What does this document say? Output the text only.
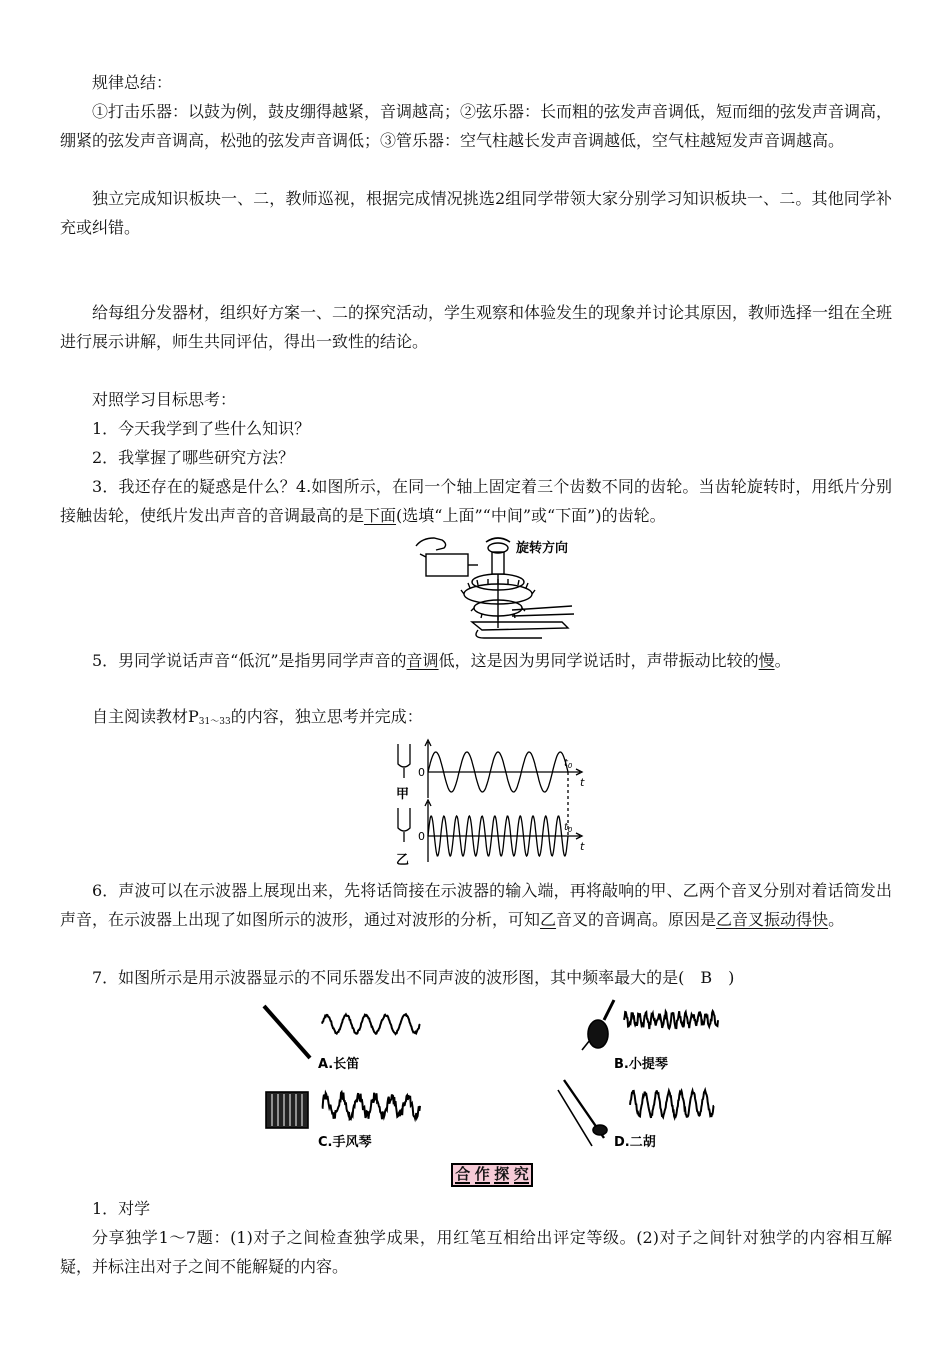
规律总结：

①打击乐器：以鼓为例，鼓皮绷得越紧，音调越高；②弦乐器：长而粗的弦发声音调低，短而细的弦发声音调高，绷紧的弦发声音调高，松弛的弦发声音调低；③管乐器：空气柱越长发声音调越低，空气柱越短发声音调越高。

独立完成知识板块一、二，教师巡视，根据完成情况挑选2组同学带领大家分别学习知识板块一、二。其他同学补充或纠错。

给每组分发器材，组织好方案一、二的探究活动，学生观察和体验发生的现象并讨论其原因，教师选择一组在全班进行展示讲解，师生共同评估，得出一致性的结论。

对照学习目标思考：

1．今天我学到了些什么知识？

2．我掌握了哪些研究方法？

3．我还存在的疑惑是什么？4.如图所示，在同一个轴上固定着三个齿数不同的齿轮。当齿轮旋转时，用纸片分别接触齿轮，使纸片发出声音的音调最高的是下面(选填“上面”“中间”或“下面”)的齿轮。

旋转方向

5．男同学说话声音“低沉”是指男同学声音的音调低，这是因为男同学说话时，声带振动比较的慢。

自主阅读教材$P_{31\sim 33}$的内容，独立思考并完成：

0
0
t
t
$t_0$
$t_0$
甲
乙

6．声波可以在示波器上展现出来，先将话筒接在示波器的输入端，再将敲响的甲、乙两个音叉分别对着话筒发出声音，在示波器上出现了如图所示的波形，通过对波形的分析，可知乙音叉的音调高。原因是乙音叉振动得快。

7．如图所示是用示波器显示的不同乐器发出不同声波的波形图，其中频率最大的是(　B　)

A.长笛	B.小提琴
C.手风琴	D.二胡
合 作 探 究

1．对学

分享独学1～7题：(1)对子之间检查独学成果，用红笔互相给出评定等级。(2)对子之间针对独学的内容相互解疑，并标注出对子之间不能解疑的内容。
